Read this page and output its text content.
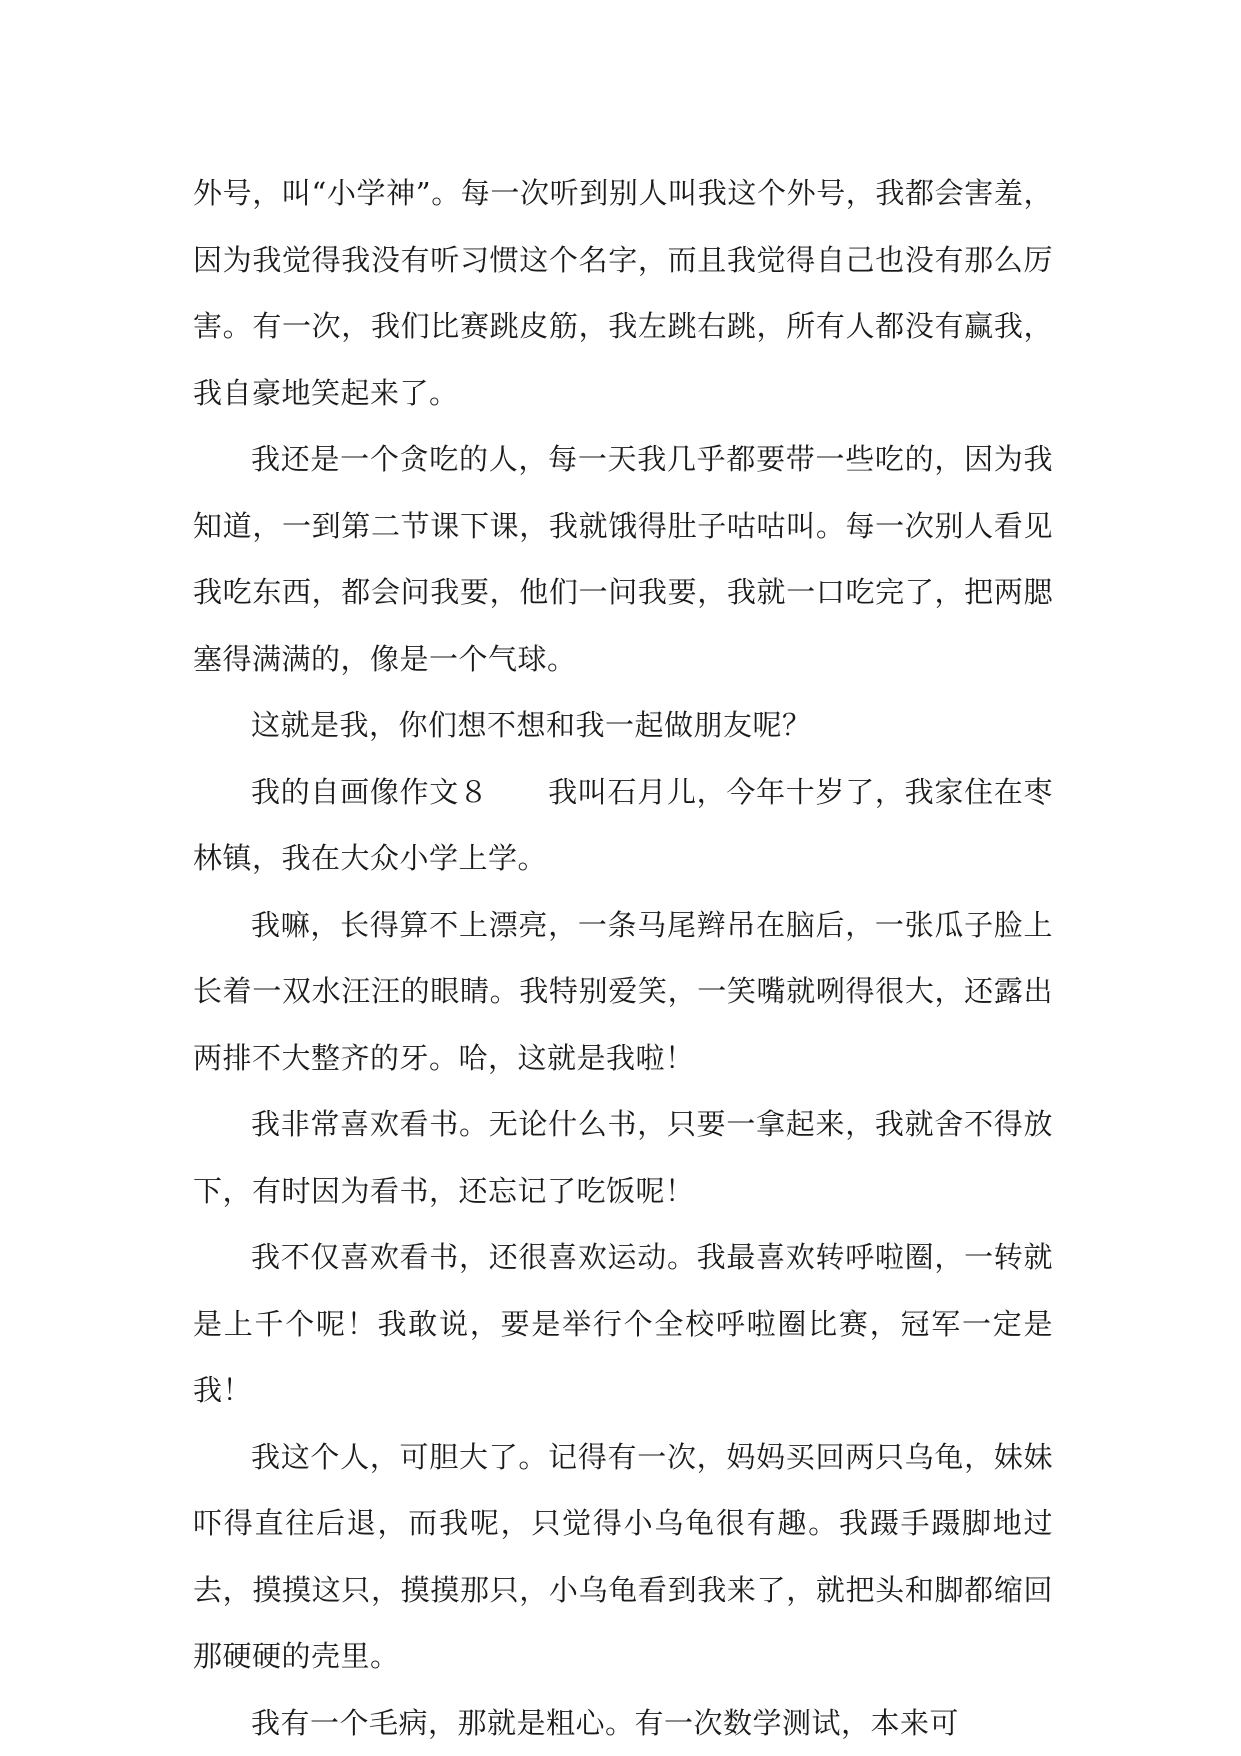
外号，叫“小学神”。每一次听到别人叫我这个外号，我都会害羞，因为我觉得我没有听习惯这个名字，而且我觉得自己也没有那么厉害。有一次，我们比赛跳皮筋，我左跳右跳，所有人都没有赢我，我自豪地笑起来了。

我还是一个贪吃的人，每一天我几乎都要带一些吃的，因为我知道，一到第二节课下课，我就饿得肚子咕咕叫。每一次别人看见我吃东西，都会问我要，他们一问我要，我就一口吃完了，把两腮塞得满满的，像是一个气球。

这就是我，你们想不想和我一起做朋友呢？

我的自画像作文８　　我叫石月儿，今年十岁了，我家住在枣林镇，我在大众小学上学。

我嘛，长得算不上漂亮，一条马尾辫吊在脑后，一张瓜子脸上长着一双水汪汪的眼睛。我特别爱笑，一笑嘴就咧得很大，还露出两排不大整齐的牙。哈，这就是我啦！

我非常喜欢看书。无论什么书，只要一拿起来，我就舍不得放下，有时因为看书，还忘记了吃饭呢！

我不仅喜欢看书，还很喜欢运动。我最喜欢转呼啦圈，一转就是上千个呢！我敢说，要是举行个全校呼啦圈比赛，冠军一定是我！

我这个人，可胆大了。记得有一次，妈妈买回两只乌龟，妹妹吓得直往后退，而我呢，只觉得小乌龟很有趣。我蹑手蹑脚地过去，摸摸这只，摸摸那只，小乌龟看到我来了，就把头和脚都缩回那硬硬的壳里。

我有一个毛病，那就是粗心。有一次数学测试，本来可
